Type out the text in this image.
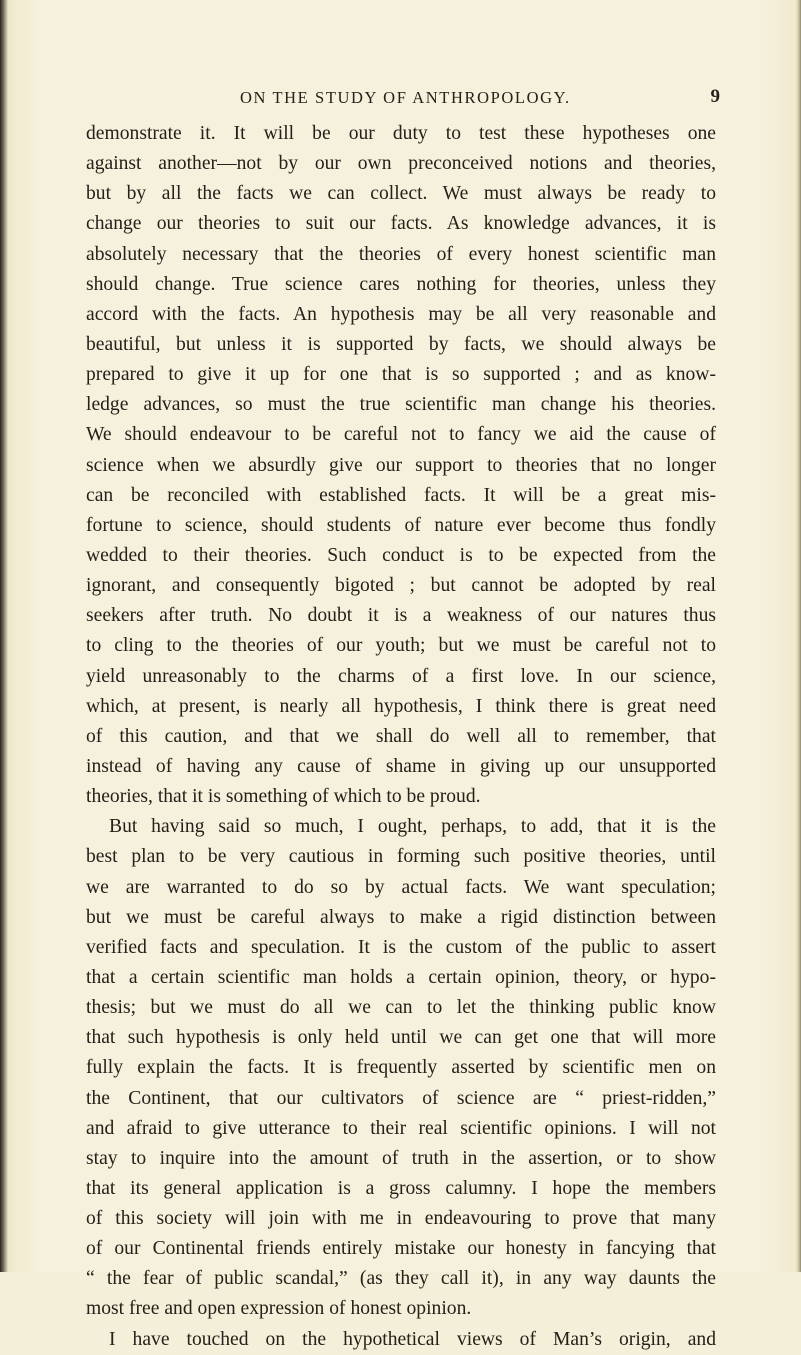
ON THE STUDY OF ANTHROPOLOGY.	9
demonstrate it. It will be our duty to test these hypotheses one
against another—not by our own preconceived notions and theories,
but by all the facts we can collect. We must always be ready to
change our theories to suit our facts. As knowledge advances, it is
absolutely necessary that the theories of every honest scientific man
should change. True science cares nothing for theories, unless they
accord with the facts. An hypothesis may be all very reasonable and
beautiful, but unless it is supported by facts, we should always be
prepared to give it up for one that is so supported ; and as know-
ledge advances, so must the true scientific man change his theories.
We should endeavour to be careful not to fancy we aid the cause of
science when we absurdly give our support to theories that no longer
can be reconciled with established facts. It will be a great mis-
fortune to science, should students of nature ever become thus fondly
wedded to their theories. Such conduct is to be expected from the
ignorant, and consequently bigoted ; but cannot be adopted by real
seekers after truth. No doubt it is a weakness of our natures thus
to cling to the theories of our youth; but we must be careful not to
yield unreasonably to the charms of a first love. In our science,
which, at present, is nearly all hypothesis, I think there is great need
of this caution, and that we shall do well all to remember, that
instead of having any cause of shame in giving up our unsupported
theories, that it is something of which to be proud.
But having said so much, I ought, perhaps, to add, that it is the
best plan to be very cautious in forming such positive theories, until
we are warranted to do so by actual facts. We want speculation;
but we must be careful always to make a rigid distinction between
verified facts and speculation. It is the custom of the public to assert
that a certain scientific man holds a certain opinion, theory, or hypo-
thesis; but we must do all we can to let the thinking public know
that such hypothesis is only held until we can get one that will more
fully explain the facts. It is frequently asserted by scientific men on
the Continent, that our cultivators of science are “ priest-ridden,”
and afraid to give utterance to their real scientific opinions. I will not
stay to inquire into the amount of truth in the assertion, or to show
that its general application is a gross calumny. I hope the members
of this society will join with me in endeavouring to prove that many
of our Continental friends entirely mistake our honesty in fancying that
“ the fear of public scandal,” (as they call it), in any way daunts the
most free and open expression of honest opinion.
I have touched on the hypothetical views of Man’s origin, and
